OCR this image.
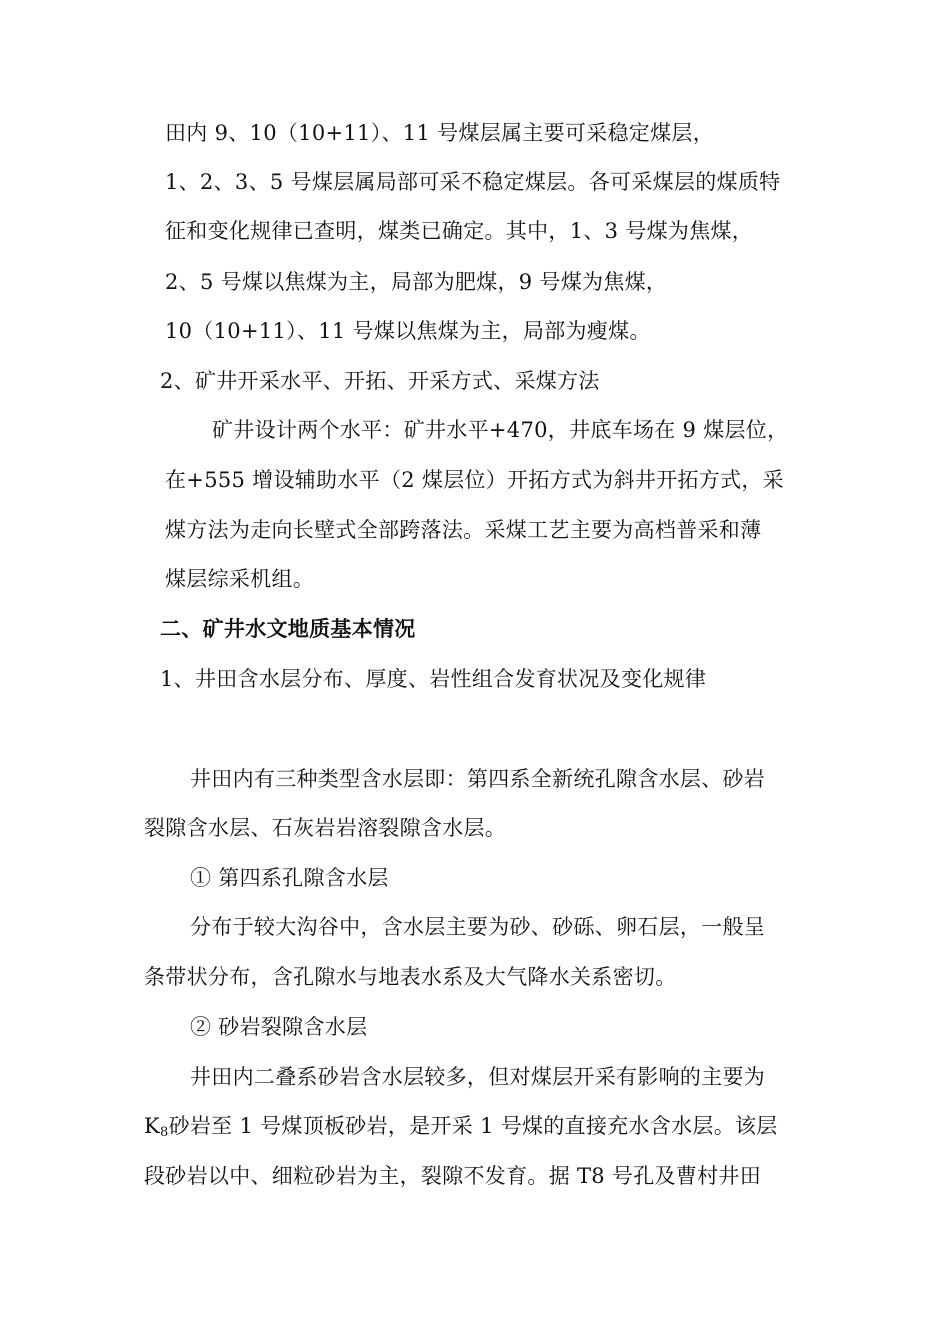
田内 9、10（10+11）、11 号煤层属主要可采稳定煤层，
1、2、3、5 号煤层属局部可采不稳定煤层。各可采煤层的煤质特
征和变化规律已查明，煤类已确定。其中，1、3 号煤为焦煤，
2、5 号煤以焦煤为主，局部为肥煤，9 号煤为焦煤，
10（10+11）、11 号煤以焦煤为主，局部为瘦煤。
2、矿井开采水平、开拓、开采方式、采煤方法
矿井设计两个水平：矿井水平+470，井底车场在 9 煤层位，
在+555 增设辅助水平（2 煤层位）开拓方式为斜井开拓方式，采
煤方法为走向长壁式全部跨落法。采煤工艺主要为高档普采和薄
煤层综采机组。
二、矿井水文地质基本情况
1、井田含水层分布、厚度、岩性组合发育状况及变化规律
井田内有三种类型含水层即：第四系全新统孔隙含水层、砂岩
裂隙含水层、石灰岩岩溶裂隙含水层。
① 第四系孔隙含水层
分布于较大沟谷中，含水层主要为砂、砂砾、卵石层，一般呈
条带状分布，含孔隙水与地表水系及大气降水关系密切。
② 砂岩裂隙含水层
井田内二叠系砂岩含水层较多，但对煤层开采有影响的主要为
$K_8$砂岩至 1 号煤顶板砂岩，是开采 1 号煤的直接充水含水层。该层
段砂岩以中、细粒砂岩为主，裂隙不发育。据 T8 号孔及曹村井田
